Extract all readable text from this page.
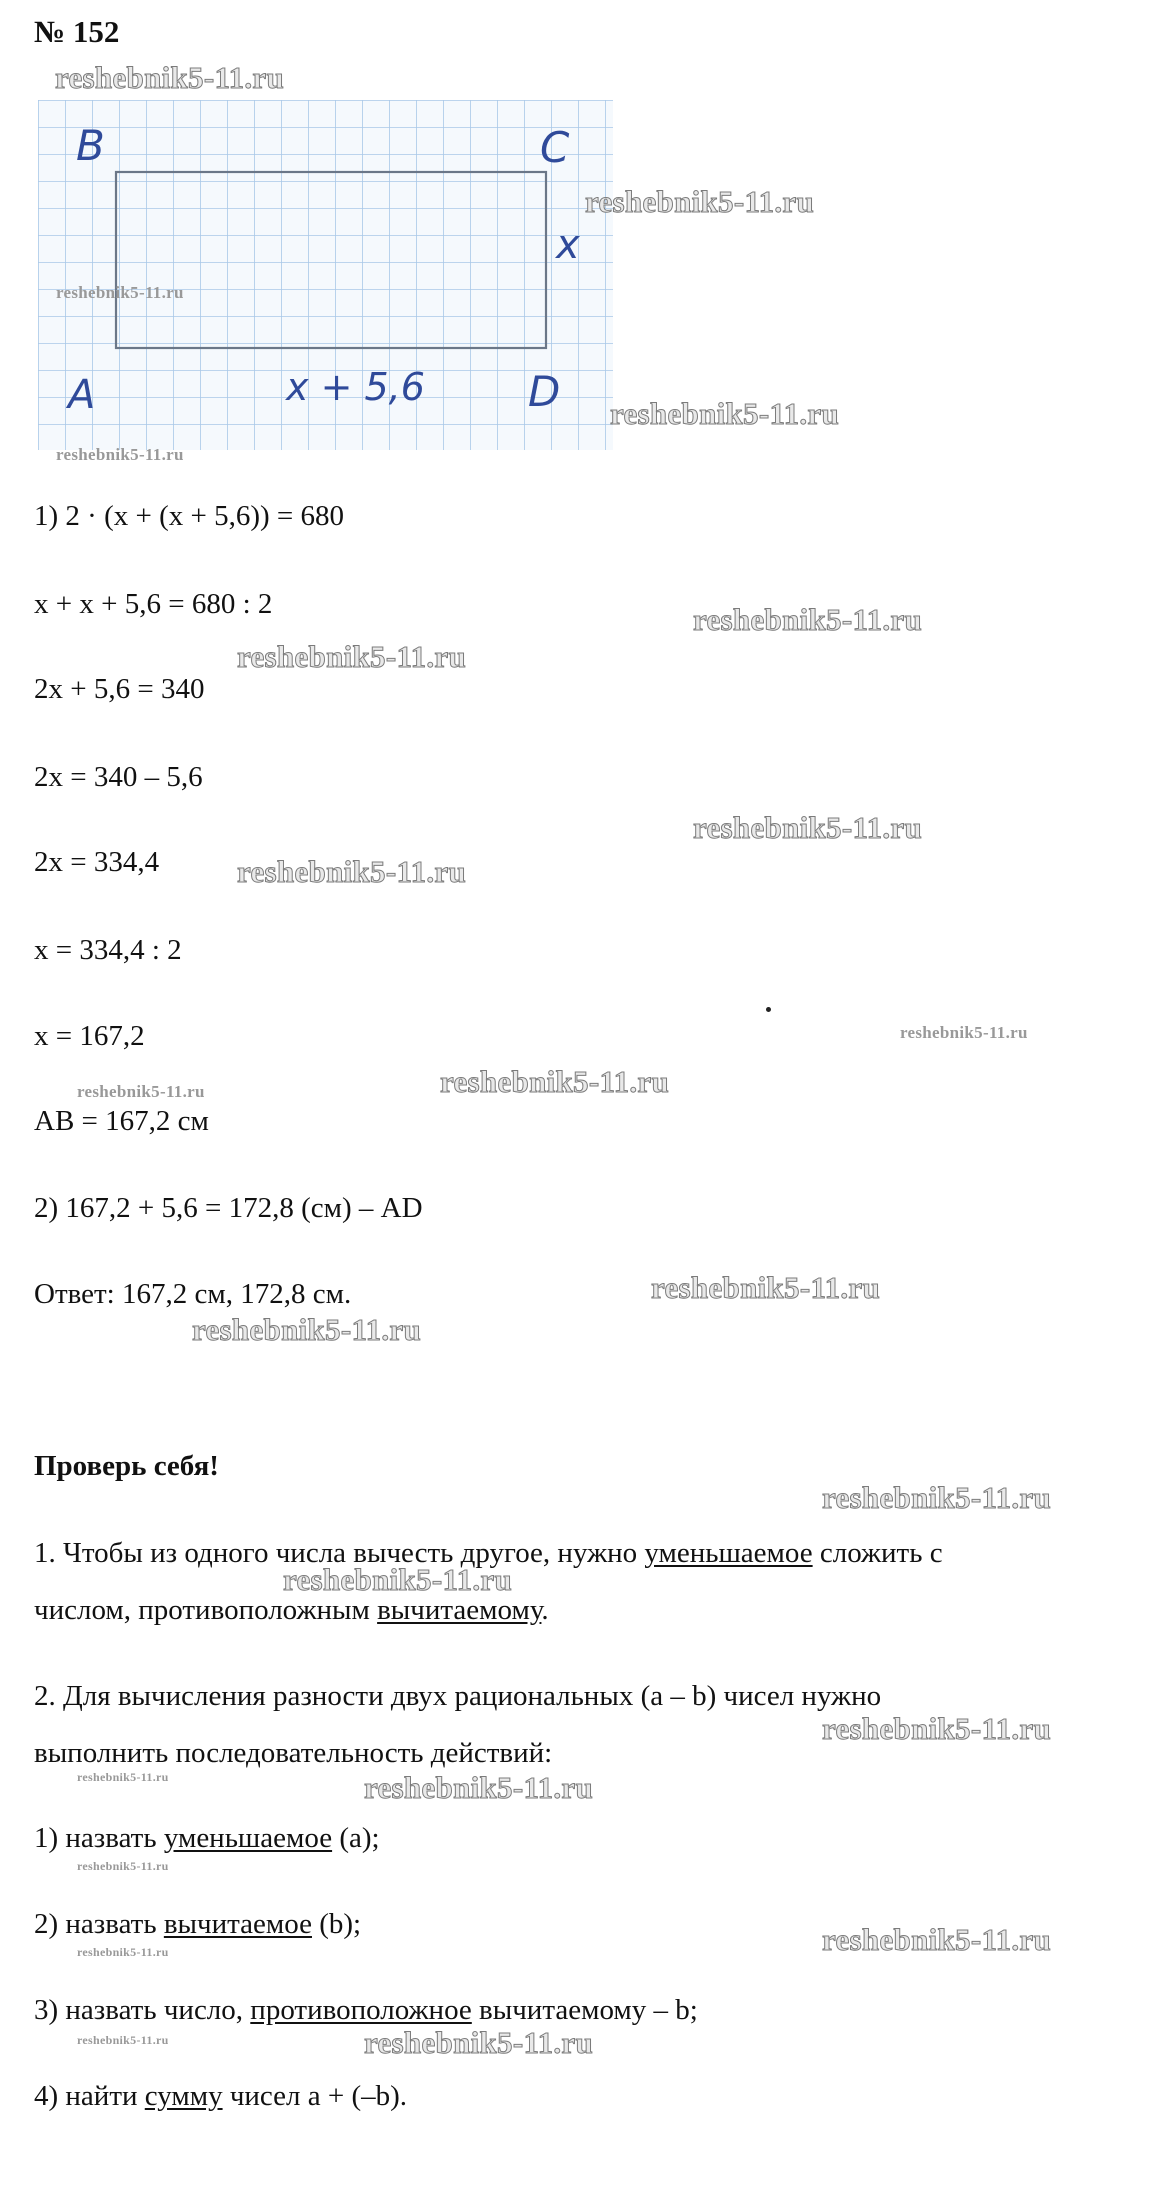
№ 152
B	C
x
A	x + 5,6 D
1) 2 · (x + (x + 5,6)) = 680
x + x + 5,6 = 680 : 2
2x + 5,6 = 340
2x = 340 – 5,6
2x = 334,4
x = 334,4 : 2
x = 167,2
AB = 167,2 см
2) 167,2 + 5,6 = 172,8 (см) – AD
Ответ: 167,2 см, 172,8 см.
Проверь себя!
1. Чтобы из одного числа вычесть другое, нужно уменьшаемое сложить с
числом, противоположным вычитаемому.
2. Для вычисления разности двух рациональных (a – b) чисел нужно
выполнить последовательность действий:
1) назвать уменьшаемое (a);
2) назвать вычитаемое (b);
3) назвать число, противоположное вычитаемому – b;
4) найти сумму чисел a + (–b).
reshebnik5-11.ru
reshebnik5-11.ru
reshebnik5-11.ru
reshebnik5-11.ru
reshebnik5-11.ru
reshebnik5-11.ru
reshebnik5-11.ru
reshebnik5-11.ru
reshebnik5-11.ru
reshebnik5-11.ru
reshebnik5-11.ru
reshebnik5-11.ru
reshebnik5-11.ru
reshebnik5-11.ru
reshebnik5-11.ru
reshebnik5-11.ru
reshebnik5-11.ru
reshebnik5-11.ru	reshebnik5-11.ru
reshebnik5-11.ru
reshebnik5-11.ru	reshebnik5-11.ru
reshebnik5-11.ru	reshebnik5-11.ru
